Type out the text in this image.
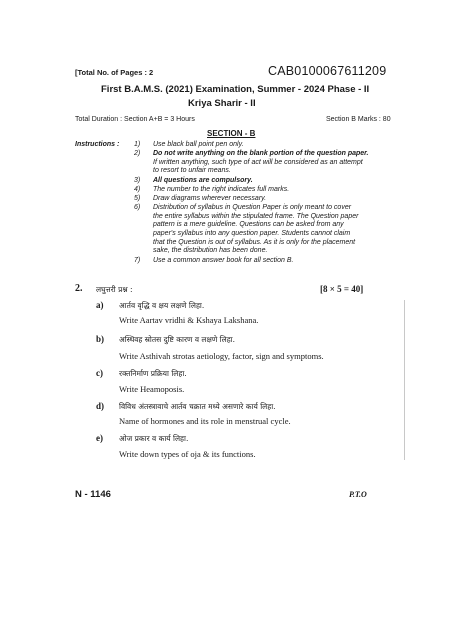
[Total No. of Pages : 2	CAB0100067611209
First B.A.M.S. (2021) Examination, Summer - 2024 Phase - II
Kriya Sharir - II
Total Duration : Section A+B = 3 Hours	Section B Marks : 80
SECTION - B
Instructions : 1) Use black ball point pen only.
2) Do not write anything on the blank portion of the question paper.
If written anything, such type of act will be considered as an attempt
to resort to unfair means.
3) All questions are compulsory.
4) The number to the right indicates full marks.
5) Draw diagrams wherever necessary.
6) Distribution of syllabus in Question Paper is only meant to cover
the entire syllabus within the stipulated frame. The Question paper
pattern is a mere guideline. Questions can be asked from any
paper's syllabus into any question paper. Students cannot claim
that the Question is out of syllabus. As it is only for the placement
sake, the distribution has been done.
7) Use a common answer book for all section B.
2. लघुत्तरी प्रश्न :	[8 × 5 = 40]
a) आर्तव वृद्धि व क्षय लक्षणे लिहा.
Write Aartav vridhi & Kshaya Lakshana.
b) अस्थिवह स्रोतस दुष्टि कारण व लक्षणे लिहा.
Write Asthivah strotas aetiology, factor, sign and symptoms.
c) रक्तनिर्माण प्रक्रिया लिहा.
Write Heamoposis.
d) विविध अंतस्त्रावाचे आर्तव चक्रात मध्ये असणारे कार्य लिहा.
Name of hormones and its role in menstrual cycle.
e) ओज प्रकार व कार्य लिहा.
Write down types of oja & its functions.
N - 1146	P.T.O
